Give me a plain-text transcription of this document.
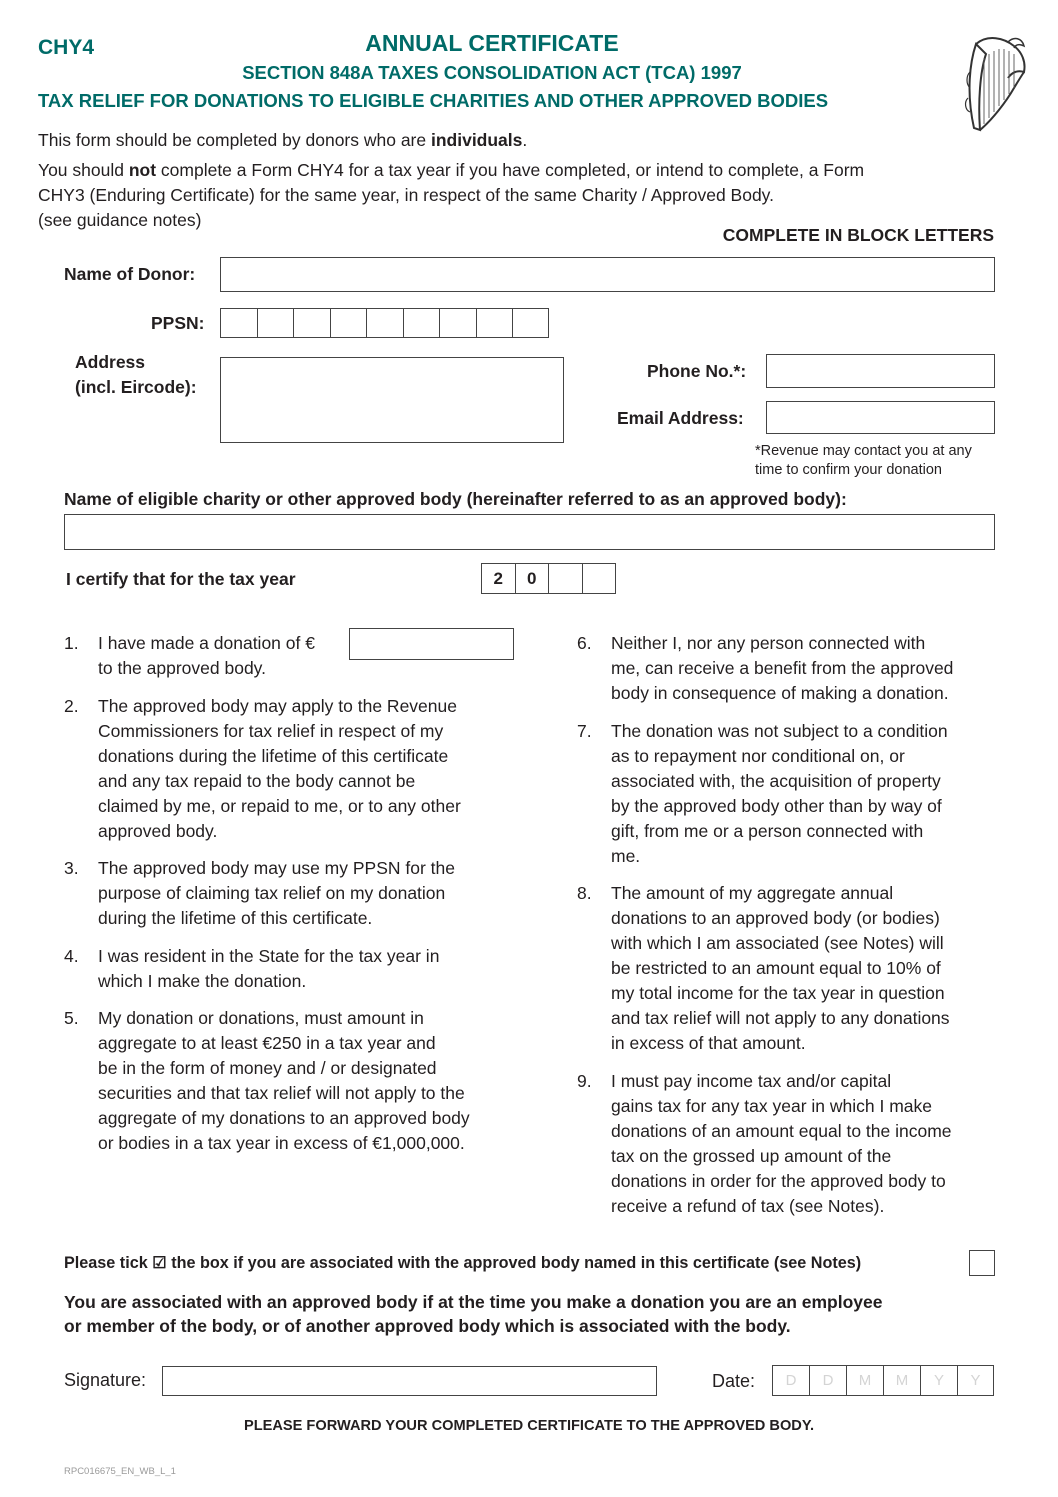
CHY4	ANNUAL CERTIFICATE
SECTION 848A TAXES CONSOLIDATION ACT (TCA) 1997
TAX RELIEF FOR DONATIONS TO ELIGIBLE CHARITIES AND OTHER APPROVED BODIES
This form should be completed by donors who are individuals.
You should not complete a Form CHY4 for a tax year if you have completed, or intend to complete, a Form
CHY3 (Enduring Certificate) for the same year, in respect of the same Charity / Approved Body.
(see guidance notes)
COMPLETE IN BLOCK LETTERS
Name of Donor:
PPSN:
Address
(incl. Eircode):
Phone No.*:
Email Address:
*Revenue may contact you at any
time to confirm your donation
Name of eligible charity or other approved body (hereinafter referred to as an approved body):
I certify that for the tax year	2	0
1. I have made a donation of €
to the approved body.
2. The approved body may apply to the Revenue
Commissioners for tax relief in respect of my
donations during the lifetime of this certificate
and any tax repaid to the body cannot be
claimed by me, or repaid to me, or to any other
approved body.
3. The approved body may use my PPSN for the
purpose of claiming tax relief on my donation
during the lifetime of this certificate.
4. I was resident in the State for the tax year in
which I make the donation.
5. My donation or donations, must amount in
aggregate to at least €250 in a tax year and
be in the form of money and / or designated
securities and that tax relief will not apply to the
aggregate of my donations to an approved body
or bodies in a tax year in excess of €1,000,000.
6. Neither I, nor any person connected with
me, can receive a benefit from the approved
body in consequence of making a donation.
7. The donation was not subject to a condition
as to repayment nor conditional on, or
associated with, the acquisition of property
by the approved body other than by way of
gift, from me or a person connected with
me.
8. The amount of my aggregate annual
donations to an approved body (or bodies)
with which I am associated (see Notes) will
be restricted to an amount equal to 10% of
my total income for the tax year in question
and tax relief will not apply to any donations
in excess of that amount.
9. I must pay income tax and/or capital
gains tax for any tax year in which I make
donations of an amount equal to the income
tax on the grossed up amount of the
donations in order for the approved body to
receive a refund of tax (see Notes).
Please tick ☑ the box if you are associated with the approved body named in this certificate (see Notes)
You are associated with an approved body if at the time you make a donation you are an employee
or member of the body, or of another approved body which is associated with the body.
Signature:	Date:	D	D	M	M	Y	Y
PLEASE FORWARD YOUR COMPLETED CERTIFICATE TO THE APPROVED BODY.
RPC016675_EN_WB_L_1
